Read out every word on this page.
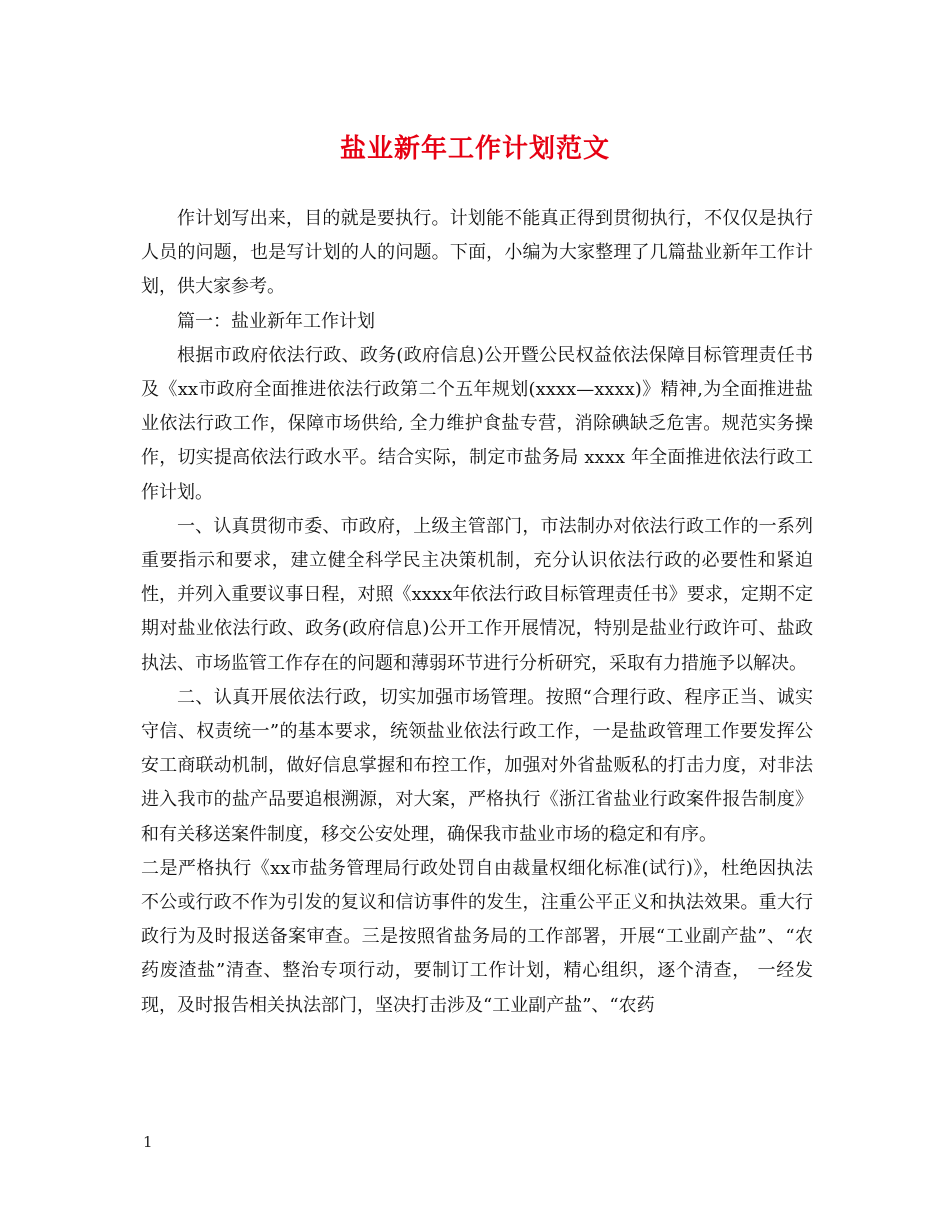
盐业新年工作计划范文

作计划写出来，目的就是要执行。计划能不能真正得到贯彻执行，不仅仅是执行人员的问题，也是写计划的人的问题。下面，小编为大家整理了几篇盐业新年工作计划，供大家参考。

篇一：盐业新年工作计划

根据市政府依法行政、政务(政府信息)公开暨公民权益依法保障目标管理责任书及《xx市政府全面推进依法行政第二个五年规划(xxxx—xxxx)》精神,为全面推进盐业依法行政工作，保障市场供给, 全力维护食盐专营，消除碘缺乏危害。规范实务操作，切实提高依法行政水平。结合实际，制定市盐务局 xxxx 年全面推进依法行政工作计划。

一、认真贯彻市委、市政府，上级主管部门，市法制办对依法行政工作的一系列重要指示和要求，建立健全科学民主决策机制，充分认识依法行政的必要性和紧迫性，并列入重要议事日程，对照《xxxx年依法行政目标管理责任书》要求，定期不定期对盐业依法行政、政务(政府信息)公开工作开展情况，特别是盐业行政许可、盐政执法、市场监管工作存在的问题和薄弱环节进行分析研究，采取有力措施予以解决。

二、认真开展依法行政，切实加强市场管理。按照“合理行政、程序正当、诚实守信、权责统一”的基本要求，统领盐业依法行政工作，一是盐政管理工作要发挥公安工商联动机制，做好信息掌握和布控工作，加强对外省盐贩私的打击力度，对非法进入我市的盐产品要追根溯源，对大案，严格执行《浙江省盐业行政案件报告制度》和有关移送案件制度，移交公安处理，确保我市盐业市场的稳定和有序。

二是严格执行《xx市盐务管理局行政处罚自由裁量权细化标准(试行)》，杜绝因执法不公或行政不作为引发的复议和信访事件的发生，注重公平正义和执法效果。重大行政行为及时报送备案审查。三是按照省盐务局的工作部署，开展“工业副产盐”、“农药废渣盐”清查、整治专项行动，要制订工作计划，精心组织，逐个清查， 一经发现，及时报告相关执法部门，坚决打击涉及“工业副产盐”、“农药

1
